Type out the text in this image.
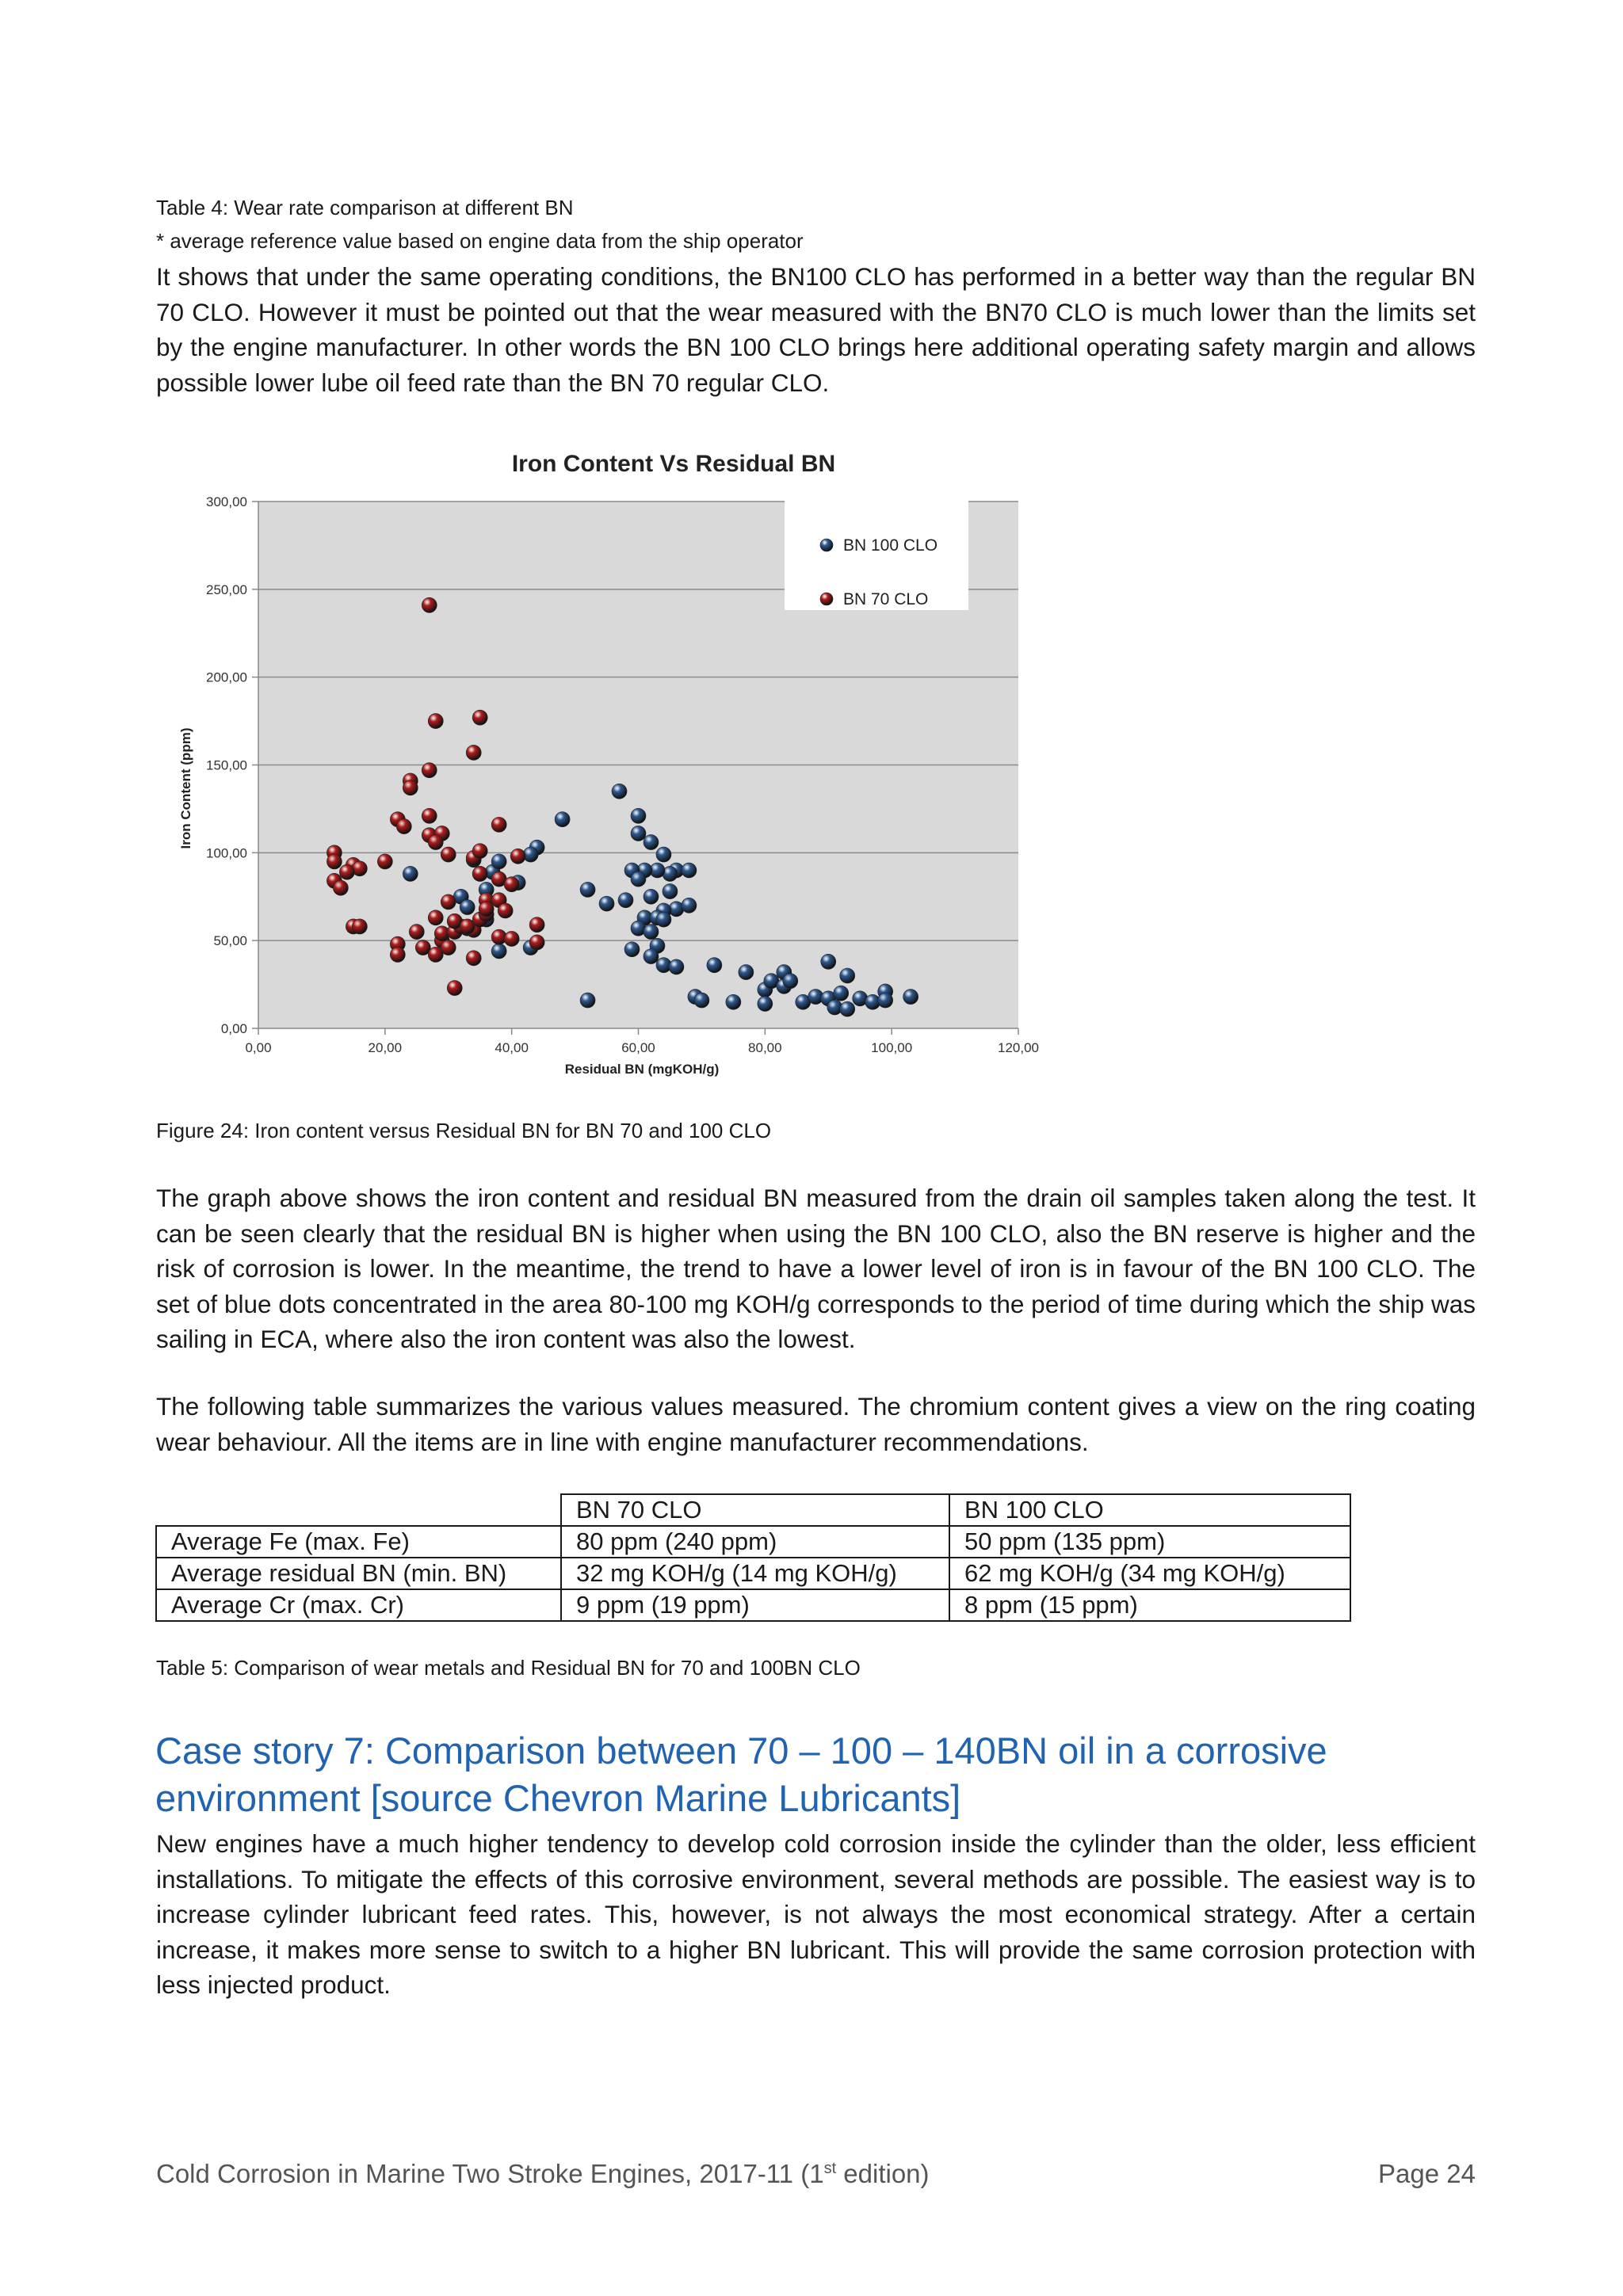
Table 4: Wear rate comparison at different BN
* average reference value based on engine data from the ship operator

It shows that under the same operating conditions, the BN100 CLO has performed in a better way than the regular BN 70 CLO. However it must be pointed out that the wear measured with the BN70 CLO is much lower than the limits set by the engine manufacturer. In other words the BN 100 CLO brings here additional operating safety margin and allows possible lower lube oil feed rate than the BN 70 regular CLO.

0,00
50,00
100,00
150,00
200,00
250,00
300,00
0,00	20,00	40,00	60,00	80,00	100,00	120,00
BN 100 CLO
BN 70 CLO
Iron Content Vs Residual BN
Residual BN (mgKOH/g)
Iron Content (ppm)
Figure 24: Iron content versus Residual BN for BN 70 and 100 CLO

The graph above shows the iron content and residual BN measured from the drain oil samples taken along the test. It can be seen clearly that the residual BN is higher when using the BN 100 CLO, also the BN reserve is higher and the risk of corrosion is lower. In the meantime, the trend to have a lower level of iron is in favour of the BN 100 CLO. The set of blue dots concentrated in the area 80-100 mg KOH/g corresponds to the period of time during which the ship was sailing in ECA, where also the iron content was also the lowest.

The following table summarizes the various values measured. The chromium content gives a view on the ring coating wear behaviour. All the items are in line with engine manufacturer recommendations.

	BN 70 CLO	BN 100 CLO
Average Fe (max. Fe)	80 ppm (240 ppm)	50 ppm (135 ppm)
Average residual BN (min. BN)	32 mg KOH/g (14 mg KOH/g)	62 mg KOH/g (34 mg KOH/g)
Average Cr (max. Cr)	9 ppm (19 ppm)	8 ppm (15 ppm)
Table 5: Comparison of wear metals and Residual BN for 70 and 100BN CLO
Case story 7: Comparison between 70 – 100 – 140BN oil in a corrosive environment [source Chevron Marine Lubricants]

New engines have a much higher tendency to develop cold corrosion inside the cylinder than the older, less efficient installations. To mitigate the effects of this corrosive environment, several methods are possible. The easiest way is to increase cylinder lubricant feed rates. This, however, is not always the most economical strategy. After a certain increase, it makes more sense to switch to a higher BN lubricant. This will provide the same corrosion protection with less injected product.

Cold Corrosion in Marine Two Stroke Engines, 2017-11 (1st edition)	Page 24
